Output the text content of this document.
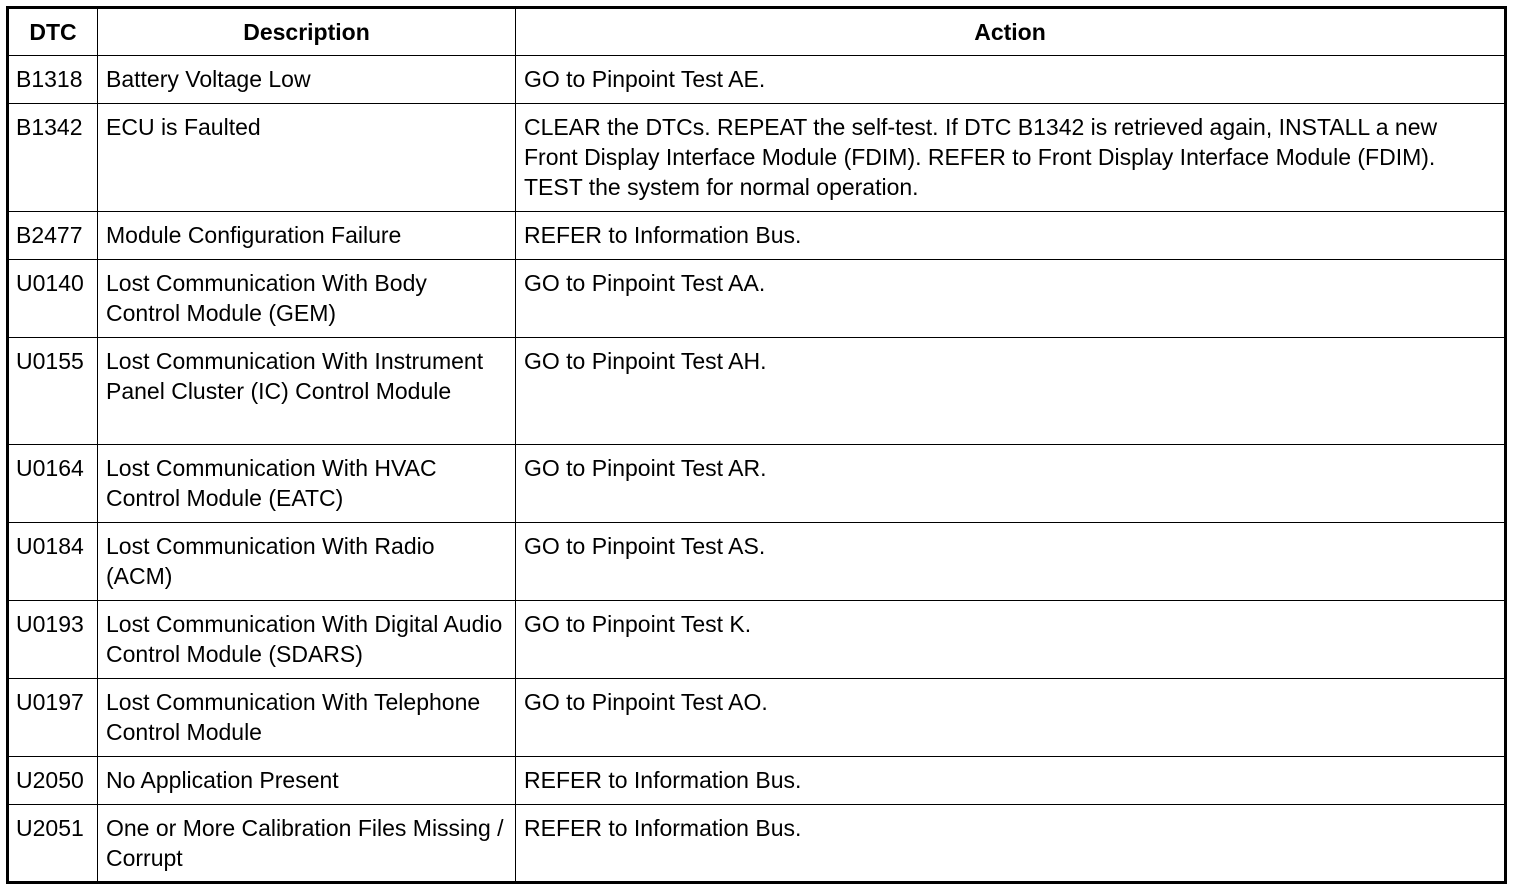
DTC	Description	Action
B1318	Battery Voltage Low	GO to Pinpoint Test AE.
B1342	ECU is Faulted	CLEAR the DTCs. REPEAT the self-test. If DTC B1342 is retrieved again, INSTALL a new Front Display Interface Module (FDIM). REFER to Front Display Interface Module (FDIM). TEST the system for normal operation.
B2477	Module Configuration Failure	REFER to Information Bus.
U0140	Lost Communication With Body Control Module (GEM)	GO to Pinpoint Test AA.
U0155	Lost Communication With Instrument Panel Cluster (IC) Control Module	GO to Pinpoint Test AH.
U0164	Lost Communication With HVAC Control Module (EATC)	GO to Pinpoint Test AR.
U0184	Lost Communication With Radio (ACM)	GO to Pinpoint Test AS.
U0193	Lost Communication With Digital Audio Control Module (SDARS)	GO to Pinpoint Test K.
U0197	Lost Communication With Telephone Control Module	GO to Pinpoint Test AO.
U2050	No Application Present	REFER to Information Bus.
U2051	One or More Calibration Files Missing / Corrupt	REFER to Information Bus.
